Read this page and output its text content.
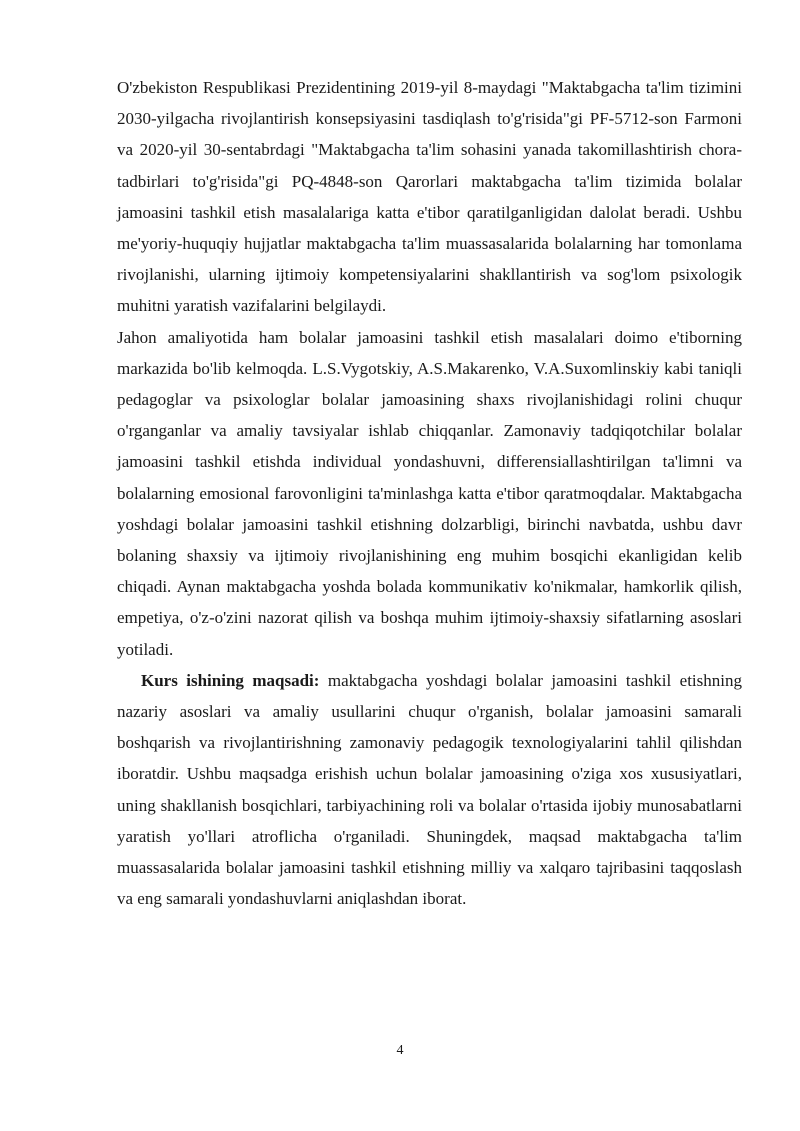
O'zbekiston Respublikasi Prezidentining 2019-yil 8-maydagi "Maktabgacha ta'lim tizimini 2030-yilgacha rivojlantirish konsepsiyasini tasdiqlash to'g'risida"gi PF-5712-son Farmoni va 2020-yil 30-sentabrdagi "Maktabgacha ta'lim sohasini yanada takomillashtirish chora-tadbirlari to'g'risida"gi PQ-4848-son Qarorlari maktabgacha ta'lim tizimida bolalar jamoasini tashkil etish masalalariga katta e'tibor qaratilganligidan dalolat beradi. Ushbu me'yoriy-huquqiy hujjatlar maktabgacha ta'lim muassasalarida bolalarning har tomonlama rivojlanishi, ularning ijtimoiy kompetensiyalarini shakllantirish va sog'lom psixologik muhitni yaratish vazifalarini belgilaydi.

Jahon amaliyotida ham bolalar jamoasini tashkil etish masalalari doimo e'tiborning markazida bo'lib kelmoqda. L.S.Vygotskiy, A.S.Makarenko, V.A.Suxomlinskiy kabi taniqli pedagoglar va psixologlar bolalar jamoasining shaxs rivojlanishidagi rolini chuqur o'rganganlar va amaliy tavsiyalar ishlab chiqqanlar. Zamonaviy tadqiqotchilar bolalar jamoasini tashkil etishda individual yondashuvni, differensiallashtirilgan ta'limni va bolalarning emosional farovonligini ta'minlashga katta e'tibor qaratmoqdalar. Maktabgacha yoshdagi bolalar jamoasini tashkil etishning dolzarbligi, birinchi navbatda, ushbu davr bolaning shaxsiy va ijtimoiy rivojlanishining eng muhim bosqichi ekanligidan kelib chiqadi. Aynan maktabgacha yoshda bolada kommunikativ ko'nikmalar, hamkorlik qilish, empetiya, o'z-o'zini nazorat qilish va boshqa muhim ijtimoiy-shaxsiy sifatlarning asoslari yotiladi.

Kurs ishining maqsadi: maktabgacha yoshdagi bolalar jamoasini tashkil etishning nazariy asoslari va amaliy usullarini chuqur o'rganish, bolalar jamoasini samarali boshqarish va rivojlantirishning zamonaviy pedagogik texnologiyalarini tahlil qilishdan iboratdir. Ushbu maqsadga erishish uchun bolalar jamoasining o'ziga xos xususiyatlari, uning shakllanish bosqichlari, tarbiyachining roli va bolalar o'rtasida ijobiy munosabatlarni yaratish yo'llari atroflicha o'rganiladi. Shuningdek, maqsad maktabgacha ta'lim muassasalarida bolalar jamoasini tashkil etishning milliy va xalqaro tajribasini taqqoslash va eng samarali yondashuvlarni aniqlashdan iborat.

4
